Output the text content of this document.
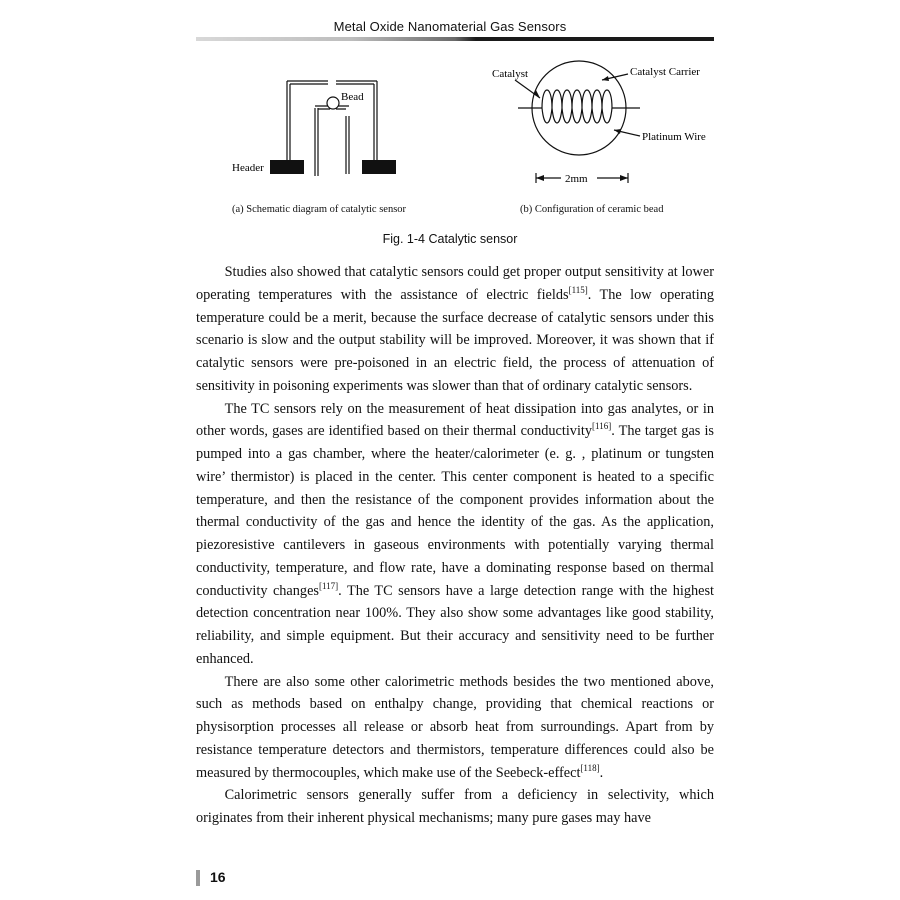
Metal Oxide Nanomaterial Gas Sensors
Bead
Header
Catalyst	Catalyst Carrier
Platinum Wire
2mm
(a) Schematic diagram of catalytic sensor	(b) Configuration of ceramic bead
Fig. 1-4 Catalytic sensor

Studies also showed that catalytic sensors could get proper output sensitivity at lower operating temperatures with the assistance of electric fields[115]. The low operating temperature could be a merit, because the surface decrease of catalytic sensors under this scenario is slow and the output stability will be improved. Moreover, it was shown that if catalytic sensors were pre-poisoned in an electric field, the process of attenuation of sensitivity in poisoning experiments was slower than that of ordinary catalytic sensors.

The TC sensors rely on the measurement of heat dissipation into gas analytes, or in other words, gases are identified based on their thermal conductivity[116]. The target gas is pumped into a gas chamber, where the heater/calorimeter (e. g. , platinum or tungsten wire’ thermistor) is placed in the center. This center component is heated to a specific temperature, and then the resistance of the component provides information about the thermal conductivity of the gas and hence the identity of the gas. As the application, piezoresistive cantilevers in gaseous environments with potentially varying thermal conductivity, temperature, and flow rate, have a dominating response based on thermal conductivity changes[117]. The TC sensors have a large detection range with the highest detection concentration near 100%. They also show some advantages like good stability, reliability, and simple equipment. But their accuracy and sensitivity need to be further enhanced.

There are also some other calorimetric methods besides the two mentioned above, such as methods based on enthalpy change, providing that chemical reactions or physisorption processes all release or absorb heat from surroundings. Apart from by resistance temperature detectors and thermistors, temperature differences could also be measured by thermocouples, which make use of the Seebeck-effect[118].

Calorimetric sensors generally suffer from a deficiency in selectivity, which originates from their inherent physical mechanisms; many pure gases may have

16
